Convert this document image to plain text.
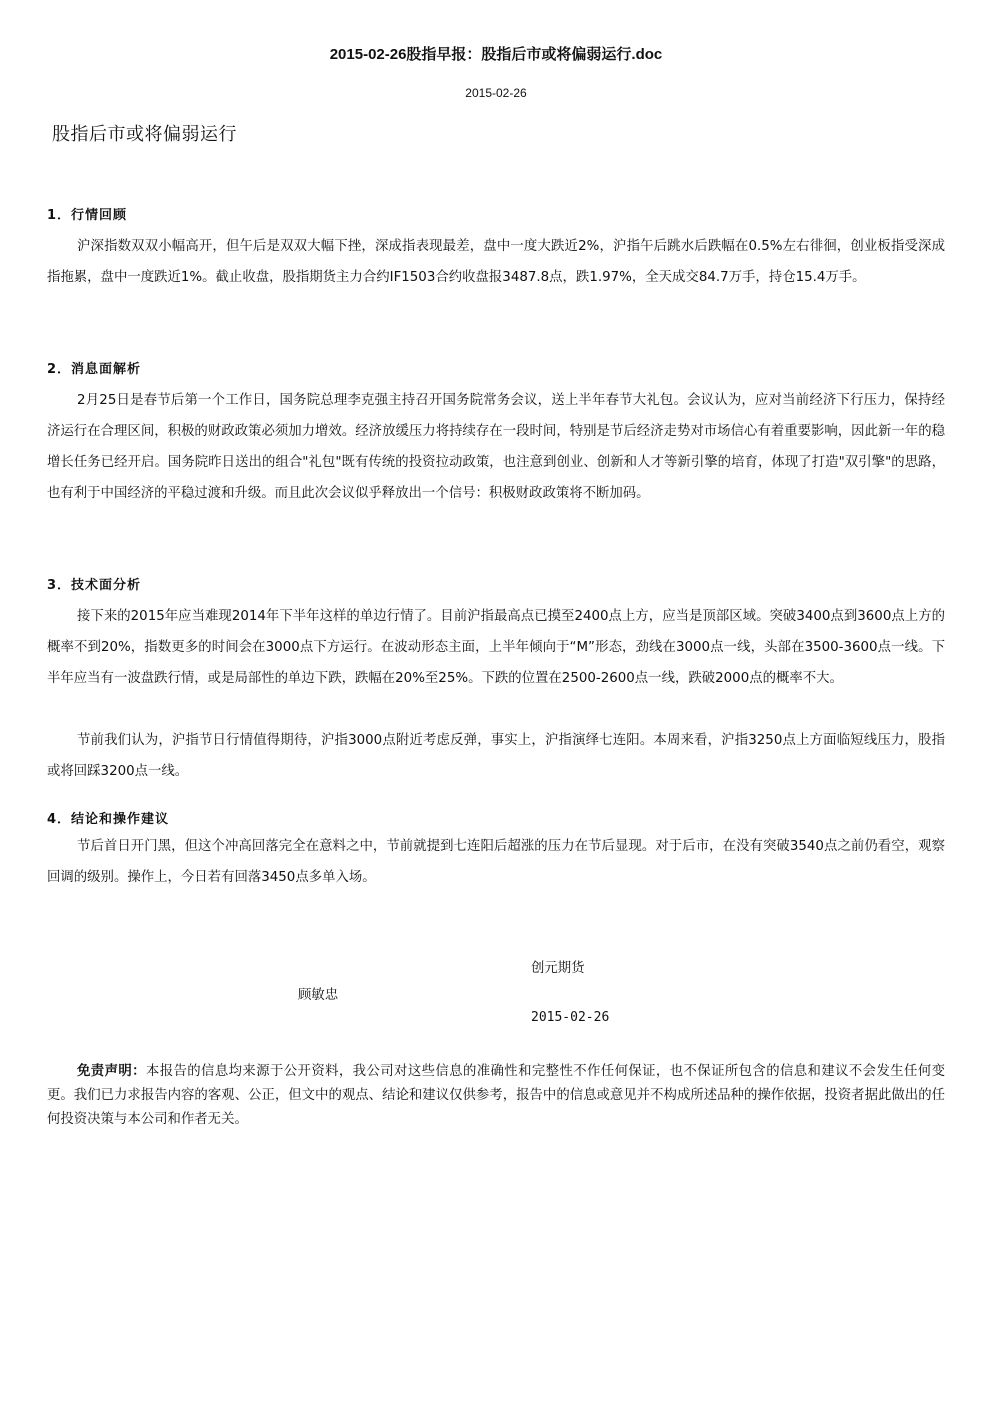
2015-02-26股指早报：股指后市或将偏弱运行.doc
2015-02-26
股指后市或将偏弱运行
1．行情回顾
沪深指数双双小幅高开，但午后是双双大幅下挫，深成指表现最差，盘中一度大跌近2%，沪指午后跳水后跌幅在0.5%左右徘徊，创业板指受深成指拖累，盘中一度跌近1%。截止收盘，股指期货主力合约IF1503合约收盘报3487.8点，跌1.97%，全天成交84.7万手，持仓15.4万手。
2．消息面解析
2月25日是春节后第一个工作日，国务院总理李克强主持召开国务院常务会议，送上半年春节大礼包。会议认为，应对当前经济下行压力，保持经济运行在合理区间，积极的财政政策必须加力增效。经济放缓压力将持续存在一段时间，特别是节后经济走势对市场信心有着重要影响，因此新一年的稳增长任务已经开启。国务院昨日送出的组合"礼包"既有传统的投资拉动政策，也注意到创业、创新和人才等新引擎的培育，体现了打造"双引擎"的思路，也有利于中国经济的平稳过渡和升级。而且此次会议似乎释放出一个信号：积极财政政策将不断加码。
3．技术面分析
接下来的2015年应当难现2014年下半年这样的单边行情了。目前沪指最高点已摸至2400点上方，应当是顶部区域。突破3400点到3600点上方的概率不到20%，指数更多的时间会在3000点下方运行。在波动形态主面，上半年倾向于“M”形态，劲线在3000点一线，头部在3500-3600点一线。下半年应当有一波盘跌行情，或是局部性的单边下跌，跌幅在20%至25%。下跌的位置在2500-2600点一线，跌破2000点的概率不大。
节前我们认为，沪指节日行情值得期待，沪指3000点附近考虑反弹，事实上，沪指演绎七连阳。本周来看，沪指3250点上方面临短线压力，股指或将回踩3200点一线。
4．结论和操作建议
节后首日开门黑，但这个冲高回落完全在意料之中，节前就提到七连阳后超涨的压力在节后显现。对于后市，在没有突破3540点之前仍看空，观察回调的级别。操作上，今日若有回落3450点多单入场。
创元期货
顾敏忠
2015-02-26
免责声明：本报告的信息均来源于公开资料，我公司对这些信息的准确性和完整性不作任何保证，也不保证所包含的信息和建议不会发生任何变更。我们已力求报告内容的客观、公正，但文中的观点、结论和建议仅供参考，报告中的信息或意见并不构成所述品种的操作依据，投资者据此做出的任何投资决策与本公司和作者无关。
